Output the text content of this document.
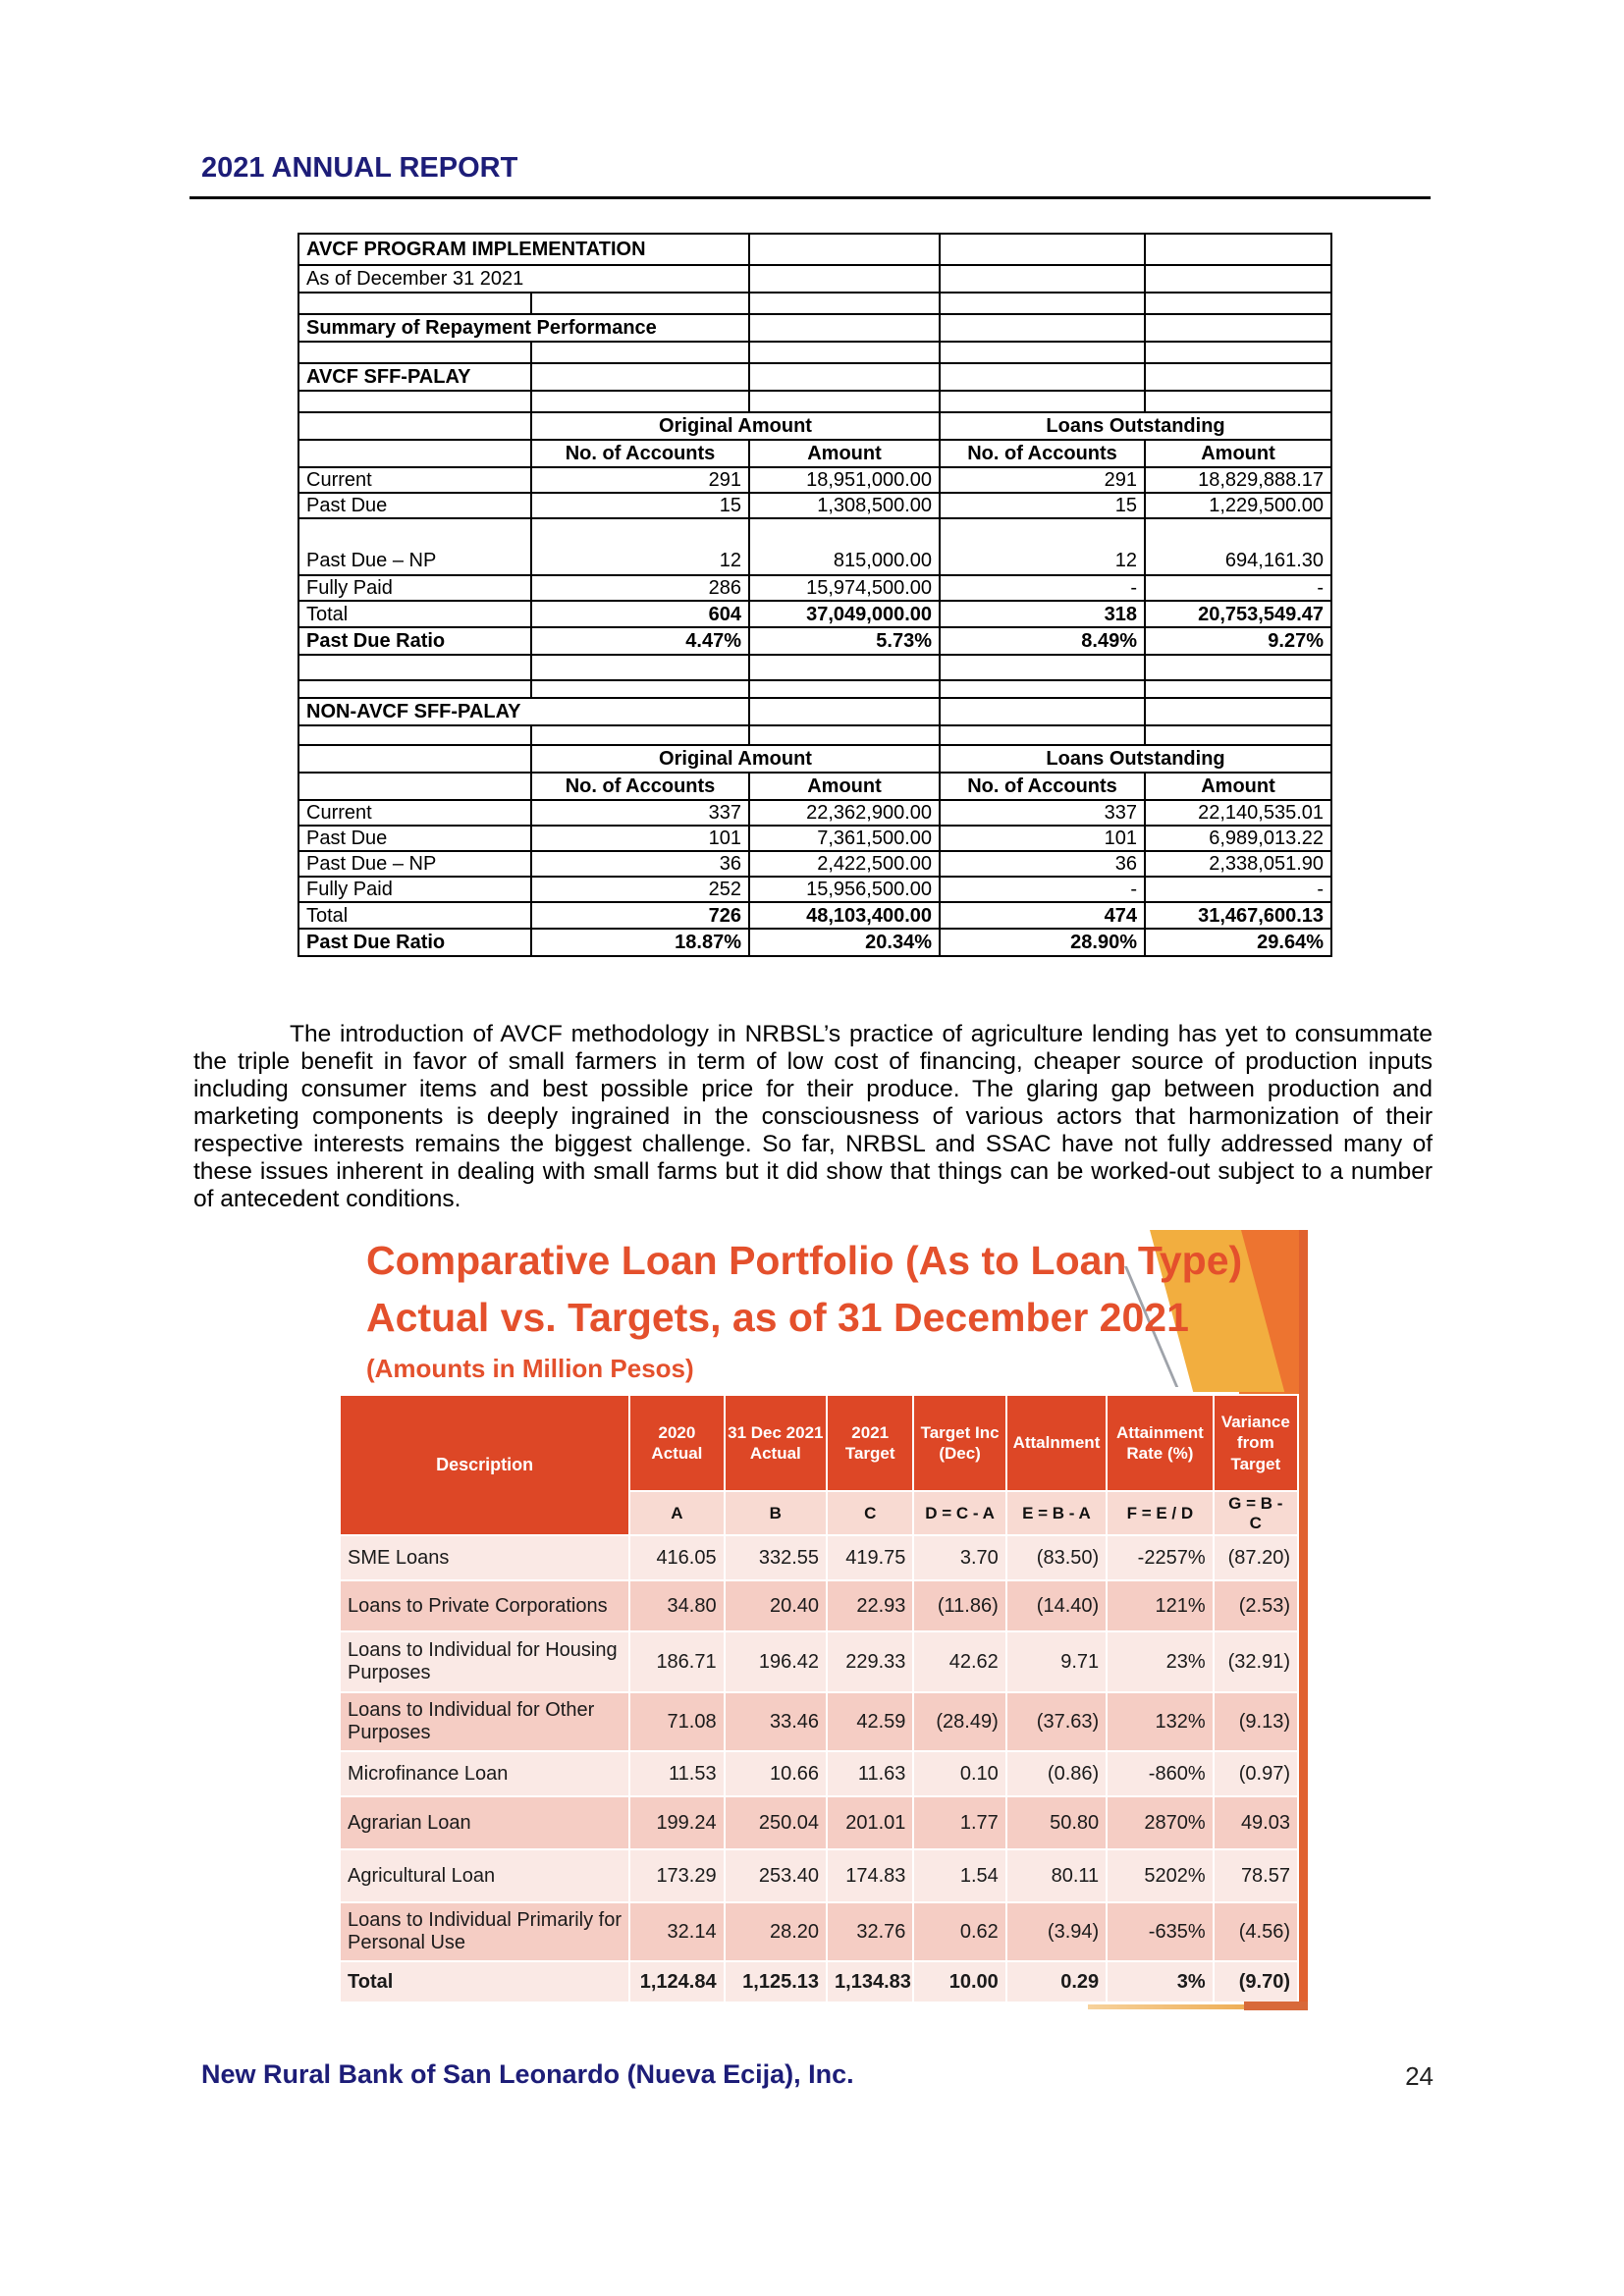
2021 ANNUAL REPORT
AVCF PROGRAM IMPLEMENTATION				
As of December 31 2021				

Summary of Repayment Performance				

AVCF SFF-PALAY				

	Original Amount		Loans Outstanding	
	No. of Accounts	Amount	No. of Accounts	Amount
Current	291	18,951,000.00	291	18,829,888.17
Past Due	15	1,308,500.00	15	1,229,500.00
Past Due – NP	12	815,000.00	12	694,161.30
Fully Paid	286	15,974,500.00	-	-
Total	604	37,049,000.00	318	20,753,549.47
Past Due Ratio	4.47%	5.73%	8.49%	9.27%

NON-AVCF SFF-PALAY				

	Original Amount		Loans Outstanding	
	No. of Accounts	Amount	No. of Accounts	Amount
Current	337	22,362,900.00	337	22,140,535.01
Past Due	101	7,361,500.00	101	6,989,013.22
Past Due – NP	36	2,422,500.00	36	2,338,051.90
Fully Paid	252	15,956,500.00	-	-
Total	726	48,103,400.00	474	31,467,600.13
Past Due Ratio	18.87%	20.34%	28.90%	29.64%

The introduction of AVCF methodology in NRBSL’s practice of agriculture lending has yet to consummate the triple benefit in favor of small farmers in term of low cost of financing, cheaper source of production inputs including consumer items and best possible price for their produce. The glaring gap between production and marketing components is deeply ingrained in the consciousness of various actors that harmonization of their respective interests remains the biggest challenge. So far, NRBSL and SSAC have not fully addressed many of these issues inherent in dealing with small farms but it did show that things can be worked-out subject to a number of antecedent conditions.

Comparative Loan Portfolio (As to Loan Type)
Actual vs. Targets, as of 31 December 2021
(Amounts in Million Pesos)
Description	2020 Actual	31 Dec 2021 Actual	2021 Target	Target Inc (Dec)	Attalnment	Attainment Rate (%)	Variance from Target
	A	B	C	D = C - A	E = B - A	F = E / D	G = B - C
SME Loans	416.05	332.55	419.75	3.70	(83.50)	-2257%	(87.20)
Loans to Private Corporations	34.80	20.40	22.93	(11.86)	(14.40)	121%	(2.53)
Loans to Individual for Housing Purposes	186.71	196.42	229.33	42.62	9.71	23%	(32.91)
Loans to Individual for Other Purposes	71.08	33.46	42.59	(28.49)	(37.63)	132%	(9.13)
Microfinance Loan	11.53	10.66	11.63	0.10	(0.86)	-860%	(0.97)
Agrarian Loan	199.24	250.04	201.01	1.77	50.80	2870%	49.03
Agricultural Loan	173.29	253.40	174.83	1.54	80.11	5202%	78.57
Loans to Individual Primarily for Personal Use	32.14	28.20	32.76	0.62	(3.94)	-635%	(4.56)
Total	1,124.84	1,125.13	1,134.83	10.00	0.29	3%	(9.70)
New Rural Bank of San Leonardo (Nueva Ecija), Inc.	24
